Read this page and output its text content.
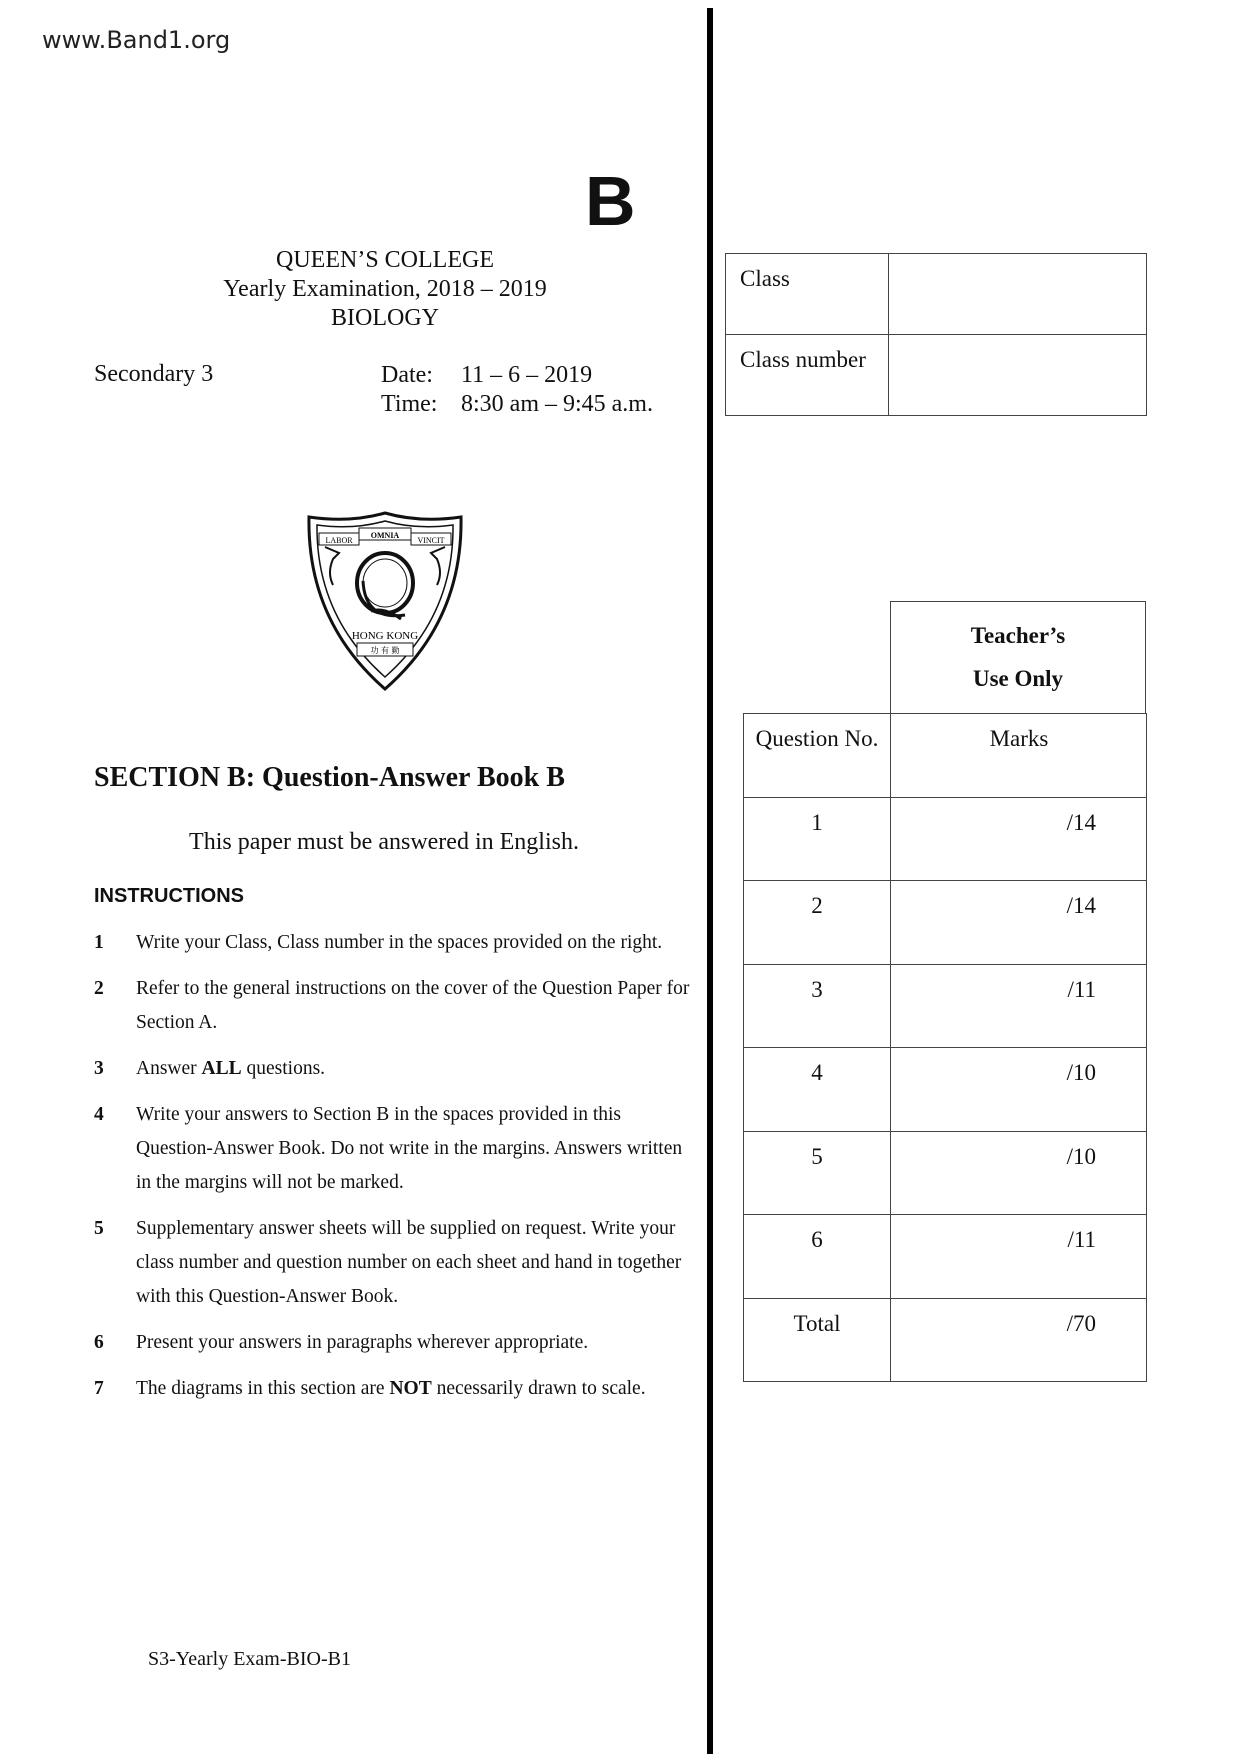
www.Band1.org
B
QUEEN’S COLLEGE
Yearly Examination, 2018 – 2019
BIOLOGY
Secondary 3	Date: 11 – 6 – 2019
Time: 8:30 am – 9:45 a.m.
Class	
Class number	
LABOR
OMNIA
VINCIT
HONG KONG
功 有 勤
SECTION B: Question-Answer Book B
This paper must be answered in English.
INSTRUCTIONS
1	Write your Class, Class number in the spaces provided on the right.
2	Refer to the general instructions on the cover of the Question Paper for Section A.
3	Answer ALL questions.
4	Write your answers to Section B in the spaces provided in this Question-Answer Book. Do not write in the margins. Answers written in the margins will not be marked.
5	Supplementary answer sheets will be supplied on request. Write your class number and question number on each sheet and hand in together with this Question-Answer Book.
6	Present your answers in paragraphs wherever appropriate.
7	The diagrams in this section are NOT necessarily drawn to scale.
Teacher’s
Use Only
Question No.	Marks
1	/14
2	/14
3	/11
4	/10
5	/10
6	/11
Total	/70
S3-Yearly Exam-BIO-B1
